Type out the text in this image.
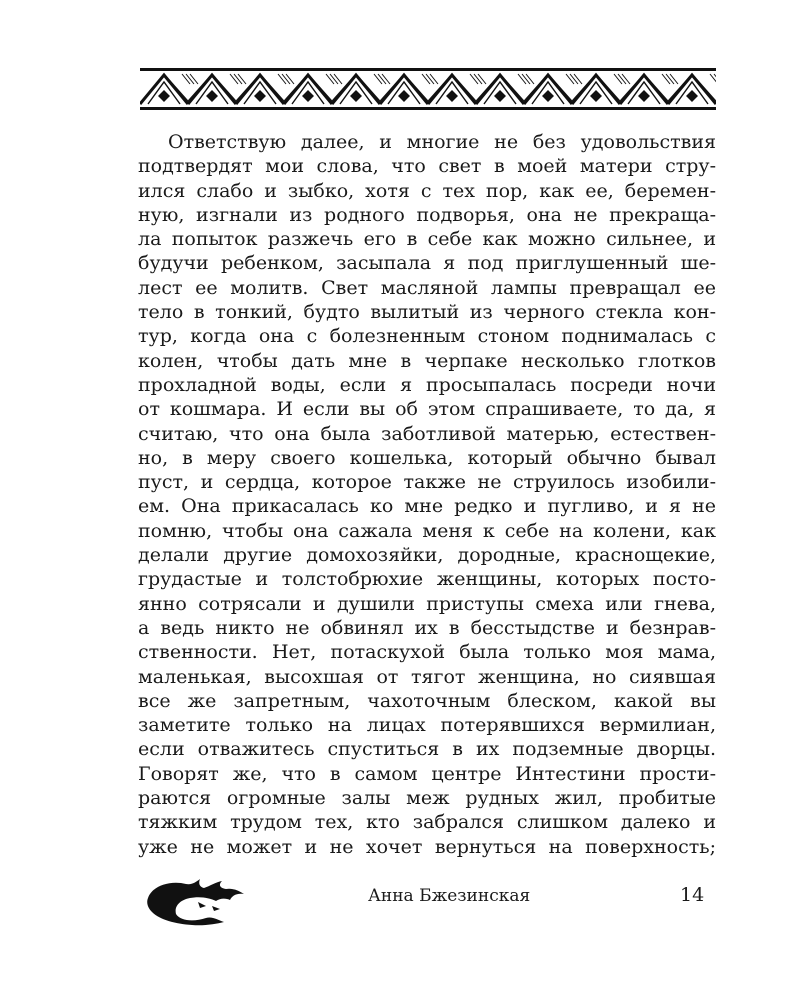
Ответствую далее, и многие не без удовольствия
подтвердят мои слова, что свет в моей матери стру-
ился слабо и зыбко, хотя с тех пор, как ее, беремен-
ную, изгнали из родного подворья, она не прекраща-
ла попыток разжечь его в себе как можно сильнее, и
будучи ребенком, засыпала я под приглушенный ше-
лест ее молитв. Свет масляной лампы превращал ее
тело в тонкий, будто вылитый из черного стекла кон-
тур, когда она с болезненным стоном поднималась с
колен, чтобы дать мне в черпаке несколько глотков
прохладной воды, если я просыпалась посреди ночи
от кошмара. И если вы об этом спрашиваете, то да, я
считаю, что она была заботливой матерью, естествен-
но, в меру своего кошелька, который обычно бывал
пуст, и сердца, которое также не струилось изобили-
ем. Она прикасалась ко мне редко и пугливо, и я не
помню, чтобы она сажала меня к себе на колени, как
делали другие домохозяйки, дородные, краснощекие,
грудастые и толстобрюхие женщины, которых посто-
янно сотрясали и душили приступы смеха или гнева,
а ведь никто не обвинял их в бесстыдстве и безнрав-
ственности. Нет, потаскухой была только моя мама,
маленькая, высохшая от тягот женщина, но сиявшая
все же запретным, чахоточным блеском, какой вы
заметите только на лицах потерявшихся вермилиан,
если отважитесь спуститься в их подземные дворцы.
Говорят же, что в самом центре Интестини прости-
раются огромные залы меж рудных жил, пробитые
тяжким трудом тех, кто забрался слишком далеко и
уже не может и не хочет вернуться на поверхность;
Анна Бжезинская	14
